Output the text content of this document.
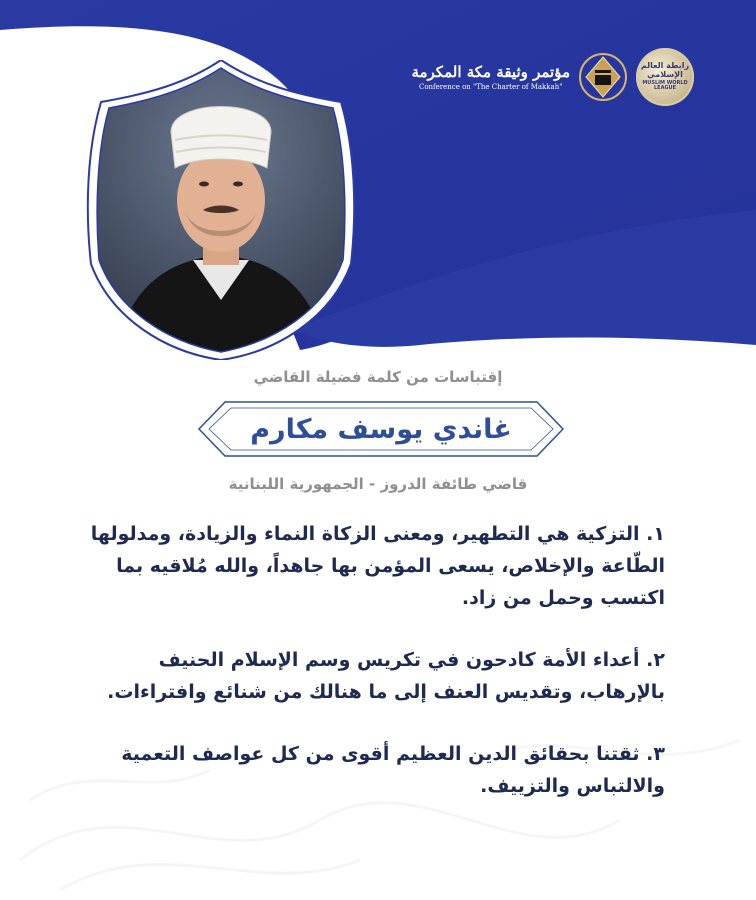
مؤتمر وثيقة مكة المكرمة
Conference on "The Charter of Makkah"
رابطة العالم الإسلامي
MUSLIM WORLD LEAGUE
إقتباسات من كلمة فضيلة القاضي
غاندي يوسف مكارم
قاضي طائفة الدروز - الجمهورية اللبنانية

١. التزكية هي التطهير، ومعنى الزكاة النماء والزيادة، ومدلولها الطّاعة والإخلاص، يسعى المؤمن بها جاهداً، والله مُلاقيه بما اكتسب وحمل من زاد.

٢. أعداء الأمة كادحون في تكريس وسم الإسلام الحنيف بالإرهاب، وتقديس العنف إلى ما هنالك من شنائع وافتراءات.

٣. ثقتنا بحقائق الدين العظيم أقوى من كل عواصف التعمية والالتباس والتزييف.
